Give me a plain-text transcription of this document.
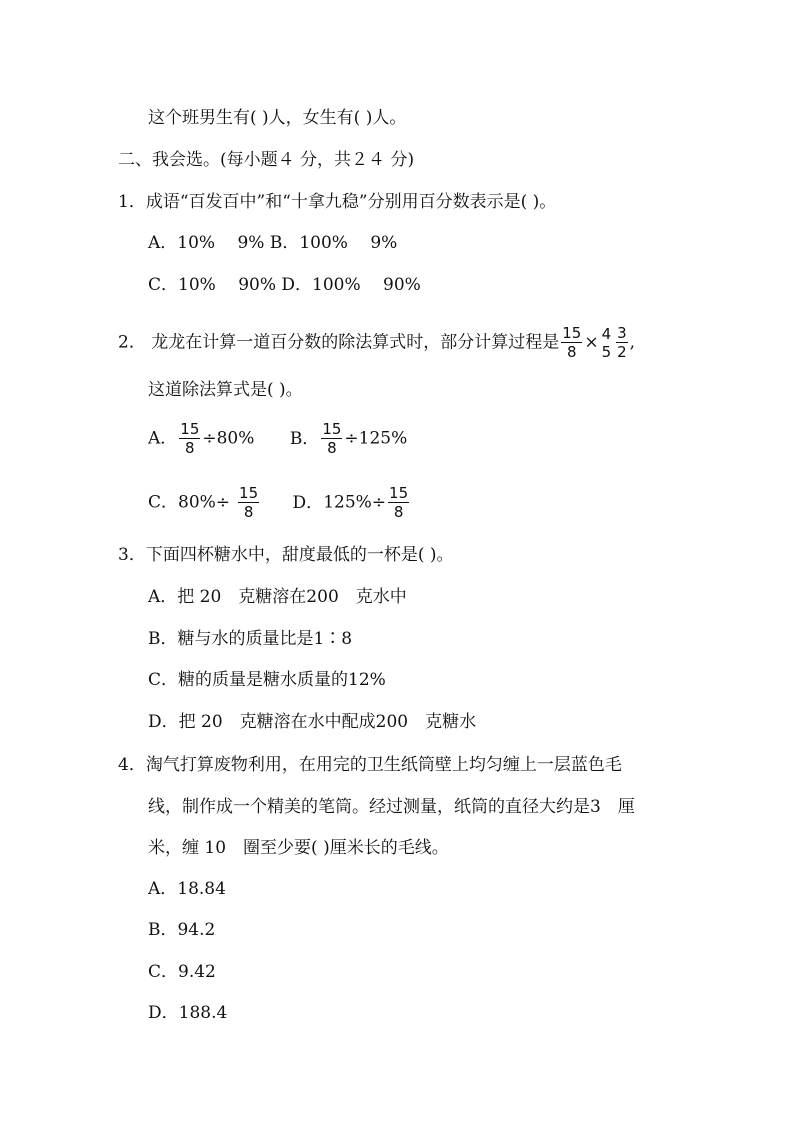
这个班男生有( )人，女生有( )人。
二、我会选。(每小题４ 分，共２４ 分)
1．成语“百发百中”和“十拿九稳”分别用百分数表示是( )。
A．10%　 9% B．100%　 9%
C．10%　 90% D．100%　 90%
2． 龙龙在计算一道百分数的除法算式时，部分计算过程是 $\frac{15}{8} \times 4$
$5 \frac{3}{2}$ ,
这道除法算式是( )。
A． $\frac{15}{8} \div 80\%$ B． $\frac{15}{8} \div 125\%$
C．$80\%\div \frac{15}{8}$ D．$125\%\div \frac{15}{8}$
3．下面四杯糖水中，甜度最低的一杯是( )。
A．把 20　克糖溶在200　克水中
B．糖与水的质量比是1∶8
C．糖的质量是糖水质量的12%
D．把 20　克糖溶在水中配成200　克糖水
4．淘气打算废物利用，在用完的卫生纸筒壁上均匀缠上一层蓝色毛
线，制作成一个精美的笔筒。经过测量，纸筒的直径大约是3　厘
米，缠 10　圈至少要( )厘米长的毛线。
A．18.84
B．94.2
C．9.42
D．188.4
